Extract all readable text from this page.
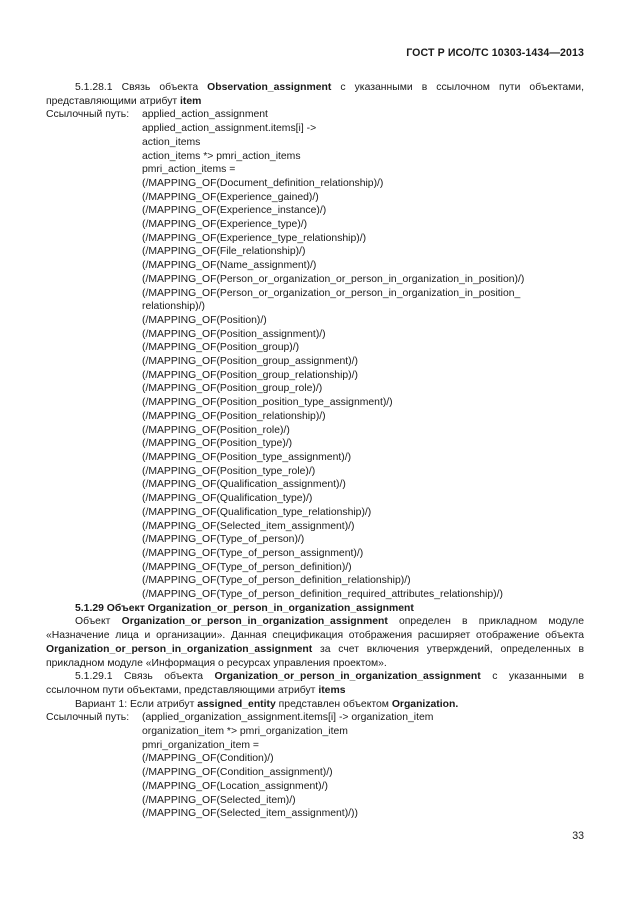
ГОСТ Р ИСО/ТС 10303-1434—2013

5.1.28.1 Связь объекта Observation_assignment с указанными в ссылочном пути объектами, представляющими атрибут item

Ссылочный путь:	applied_action_assignment
applied_action_assignment.items[i] ->
action_items
action_items *> pmri_action_items
pmri_action_items =
(/MAPPING_OF(Document_definition_relationship)/)
(/MAPPING_OF(Experience_gained)/)
(/MAPPING_OF(Experience_instance)/)
(/MAPPING_OF(Experience_type)/)
(/MAPPING_OF(Experience_type_relationship)/)
(/MAPPING_OF(File_relationship)/)
(/MAPPING_OF(Name_assignment)/)
(/MAPPING_OF(Person_or_organization_or_person_in_organization_in_position)/)
(/MAPPING_OF(Person_or_organization_or_person_in_organization_in_position_ relationship)/)
(/MAPPING_OF(Position)/)
(/MAPPING_OF(Position_assignment)/)
(/MAPPING_OF(Position_group)/)
(/MAPPING_OF(Position_group_assignment)/)
(/MAPPING_OF(Position_group_relationship)/)
(/MAPPING_OF(Position_group_role)/)
(/MAPPING_OF(Position_position_type_assignment)/)
(/MAPPING_OF(Position_relationship)/)
(/MAPPING_OF(Position_role)/)
(/MAPPING_OF(Position_type)/)
(/MAPPING_OF(Position_type_assignment)/)
(/MAPPING_OF(Position_type_role)/)
(/MAPPING_OF(Qualification_assignment)/)
(/MAPPING_OF(Qualification_type)/)
(/MAPPING_OF(Qualification_type_relationship)/)
(/MAPPING_OF(Selected_item_assignment)/)
(/MAPPING_OF(Type_of_person)/)
(/MAPPING_OF(Type_of_person_assignment)/)
(/MAPPING_OF(Type_of_person_definition)/)
(/MAPPING_OF(Type_of_person_definition_relationship)/)
(/MAPPING_OF(Type_of_person_definition_required_attributes_relationship)/)

5.1.29 Объект Organization_or_person_in_organization_assignment

Объект Organization_or_person_in_organization_assignment определен в прикладном модуле «Назначение лица и организации». Данная спецификация отображения расширяет отображение объекта Organization_or_person_in_organization_assignment за счет включения утверждений, определенных в прикладном модуле «Информация о ресурсах управления проектом».

5.1.29.1 Связь объекта Organization_or_person_in_organization_assignment с указанными в ссылочном пути объектами, представляющими атрибут items

Вариант 1: Если атрибут assigned_entity представлен объектом Organization.

Ссылочный путь:	(applied_organization_assignment.items[i] -> organization_item
organization_item *> pmri_organization_item
pmri_organization_item =
(/MAPPING_OF(Condition)/)
(/MAPPING_OF(Condition_assignment)/)
(/MAPPING_OF(Location_assignment)/)
(/MAPPING_OF(Selected_item)/)
(/MAPPING_OF(Selected_item_assignment)/))
33
